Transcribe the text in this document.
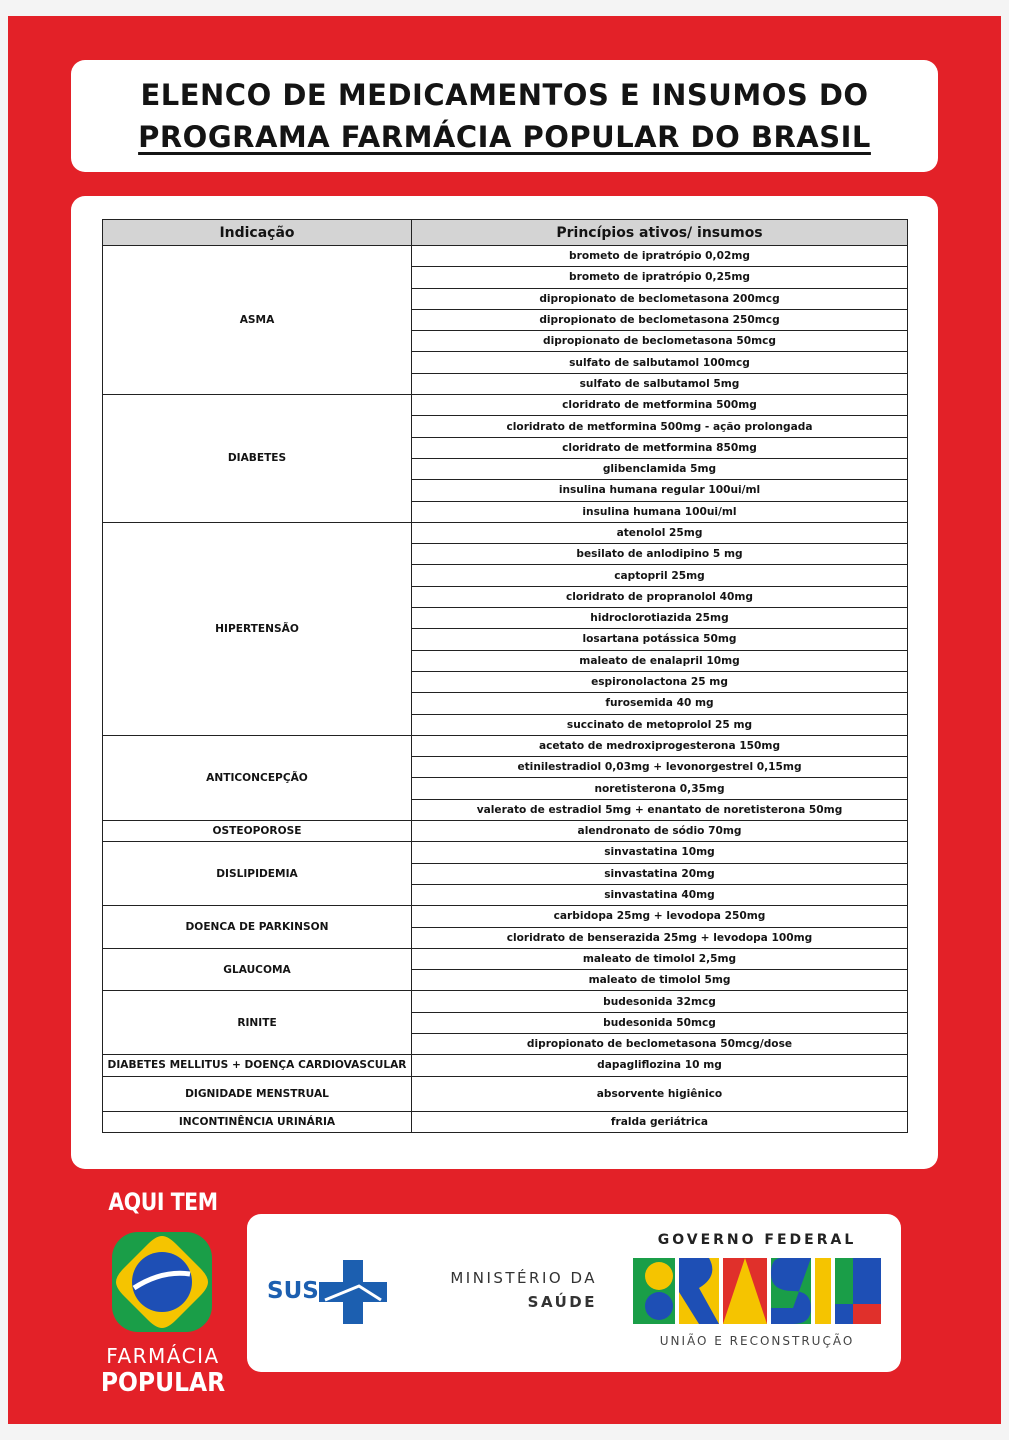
ELENCO DE MEDICAMENTOS E INSUMOS DO
PROGRAMA FARMÁCIA POPULAR DO BRASIL
Indicação	Princípios ativos/ insumos
ASMA	brometo de ipratrópio 0,02mg
	brometo de ipratrópio 0,25mg
	dipropionato de beclometasona 200mcg
	dipropionato de beclometasona 250mcg
	dipropionato de beclometasona 50mcg
	sulfato de salbutamol 100mcg
	sulfato de salbutamol 5mg
DIABETES	cloridrato de metformina 500mg
	cloridrato de metformina 500mg - ação prolongada
	cloridrato de metformina 850mg
	glibenclamida 5mg
	insulina humana regular 100ui/ml
	insulina humana 100ui/ml
HIPERTENSÃO	atenolol 25mg
	besilato de anlodipino 5 mg
	captopril 25mg
	cloridrato de propranolol 40mg
	hidroclorotiazida 25mg
	losartana potássica 50mg
	maleato de enalapril 10mg
	espironolactona 25 mg
	furosemida 40 mg
	succinato de metoprolol 25 mg
ANTICONCEPÇÃO	acetato de medroxiprogesterona 150mg
	etinilestradiol 0,03mg + levonorgestrel 0,15mg
	noretisterona 0,35mg
	valerato de estradiol 5mg + enantato de noretisterona 50mg
OSTEOPOROSE	alendronato de sódio 70mg
DISLIPIDEMIA	sinvastatina 10mg
	sinvastatina 20mg
	sinvastatina 40mg
DOENCA DE PARKINSON	carbidopa 25mg + levodopa 250mg
	cloridrato de benserazida 25mg + levodopa 100mg
GLAUCOMA	maleato de timolol 2,5mg
	maleato de timolol 5mg
RINITE	budesonida 32mcg
	budesonida 50mcg
	dipropionato de beclometasona 50mcg/dose
DIABETES MELLITUS + DOENÇA CARDIOVASCULAR	dapagliflozina 10 mg
DIGNIDADE MENSTRUAL	absorvente higiênico
INCONTINÊNCIA URINÁRIA	fralda geriátrica
AQUI TEM
FARMÁCIA
POPULAR
SUS	MINISTÉRIO DA
SAÚDE
GOVERNO FEDERAL
UNIÃO E RECONSTRUÇÃO
